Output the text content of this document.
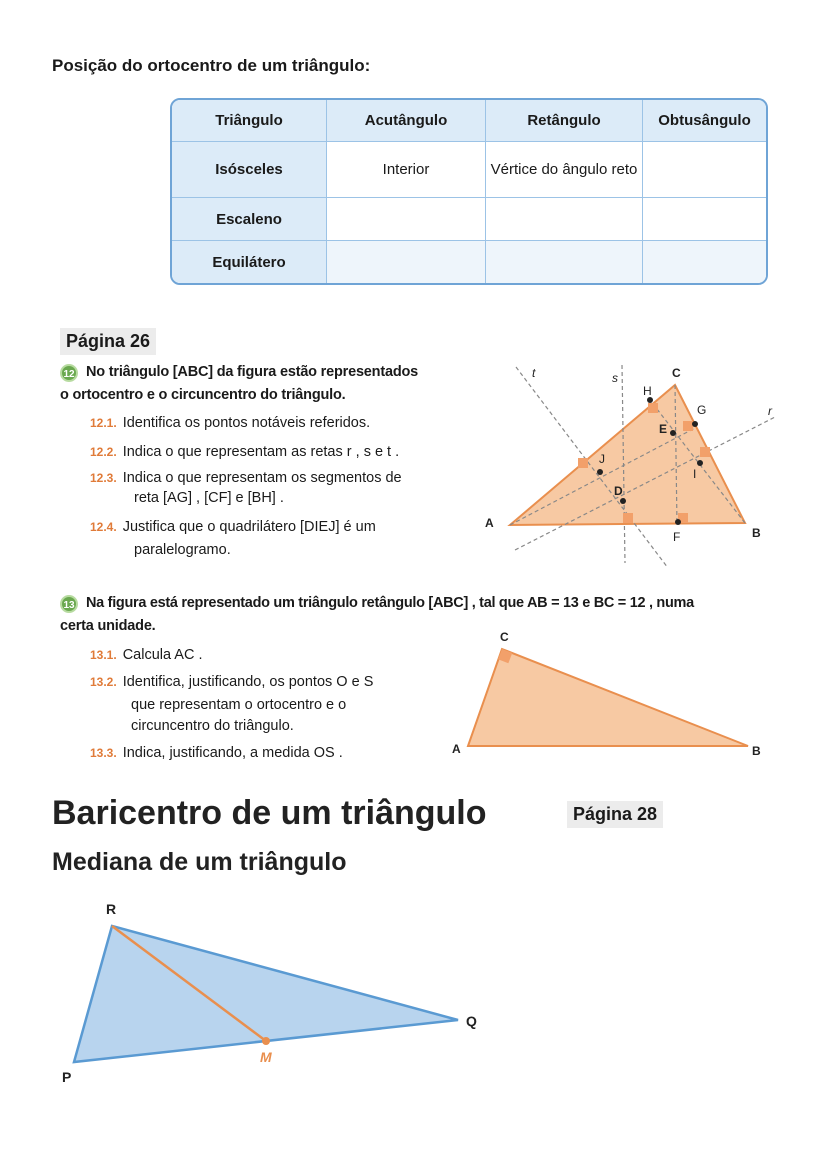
Posição do ortocentro de um triângulo:
Triângulo	Acutângulo	Retângulo	Obtusângulo
Isósceles	Interior	Vértice do ângulo reto	
Escaleno			
Equilátero			
Página 26
12 No triângulo [ABC] da figura estão representados
o ortocentro e o circuncentro do triângulo.
12.1. Identifica os pontos notáveis referidos.
12.2. Indica o que representam as retas r , s e t .
12.3. Indica o que representam os segmentos de
reta [AG] , [CF] e [BH] .
12.4. Justifica que o quadrilátero [DIEJ] é um
paralelogramo.
t	s
r
A
B
C
D
E
F
G
H
I
J
13 Na figura está representado um triângulo retângulo [ABC] , tal que AB = 13 e BC = 12 , numa
certa unidade.
13.1. Calcula AC .
13.2. Identifica, justificando, os pontos O e S
que representam o ortocentro e o
circuncentro do triângulo.
13.3. Indica, justificando, a medida OS .	A	B
C
Baricentro de um triângulo	Página 28
Mediana de um triângulo
R
Q
P
M
